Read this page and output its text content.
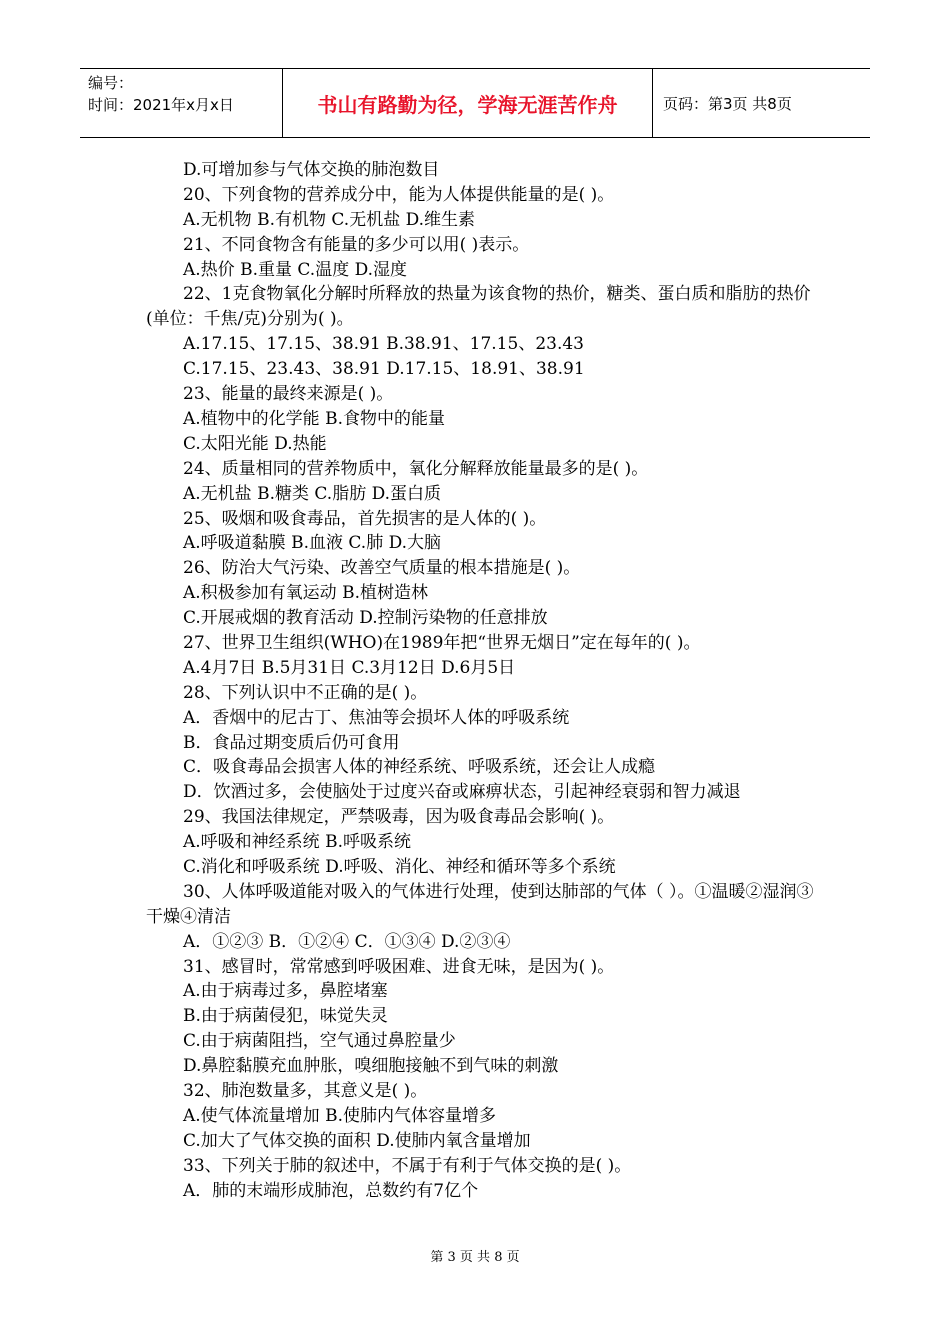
编号：
时间：2021年x月x日	书山有路勤为径，学海无涯苦作舟	页码：第3页 共8页
D.可增加参与气体交换的肺泡数目
20、下列食物的营养成分中，能为人体提供能量的是( )。
A.无机物 B.有机物 C.无机盐 D.维生素
21、不同食物含有能量的多少可以用( )表示。
A.热价 B.重量 C.温度 D.湿度
22、1克食物氧化分解时所释放的热量为该食物的热价，糖类、蛋白质和脂肪的热价(单位：千焦/克)分别为( )。
A.17.15、17.15、38.91 B.38.91、17.15、23.43
C.17.15、23.43、38.91 D.17.15、18.91、38.91
23、能量的最终来源是( )。
A.植物中的化学能 B.食物中的能量
C.太阳光能 D.热能
24、质量相同的营养物质中，氧化分解释放能量最多的是( )。
A.无机盐 B.糖类 C.脂肪 D.蛋白质
25、吸烟和吸食毒品，首先损害的是人体的( )。
A.呼吸道黏膜 B.血液 C.肺 D.大脑
26、防治大气污染、改善空气质量的根本措施是( )。
A.积极参加有氧运动 B.植树造林
C.开展戒烟的教育活动 D.控制污染物的任意排放
27、世界卫生组织(WHO)在1989年把“世界无烟日”定在每年的( )。
A.4月7日 B.5月31日 C.3月12日 D.6月5日
28、下列认识中不正确的是( )。
A．香烟中的尼古丁、焦油等会损坏人体的呼吸系统
B．食品过期变质后仍可食用
C．吸食毒品会损害人体的神经系统、呼吸系统，还会让人成瘾
D．饮酒过多，会使脑处于过度兴奋或麻痹状态，引起神经衰弱和智力减退
29、我国法律规定，严禁吸毒，因为吸食毒品会影响( )。
A.呼吸和神经系统 B.呼吸系统
C.消化和呼吸系统 D.呼吸、消化、神经和循环等多个系统
30、人体呼吸道能对吸入的气体进行处理，使到达肺部的气体（ ）。①温暖②湿润③干燥④清洁
A．①②③ B．①②④ C．①③④ D.②③④
31、感冒时，常常感到呼吸困难、进食无味，是因为( )。
A.由于病毒过多，鼻腔堵塞
B.由于病菌侵犯，味觉失灵
C.由于病菌阻挡，空气通过鼻腔量少
D.鼻腔黏膜充血肿胀，嗅细胞接触不到气味的刺激
32、肺泡数量多，其意义是( )。
A.使气体流量增加 B.使肺内气体容量增多
C.加大了气体交换的面积 D.使肺内氧含量增加
33、下列关于肺的叙述中，不属于有利于气体交换的是( )。
A．肺的末端形成肺泡，总数约有7亿个
第 3 页 共 8 页
